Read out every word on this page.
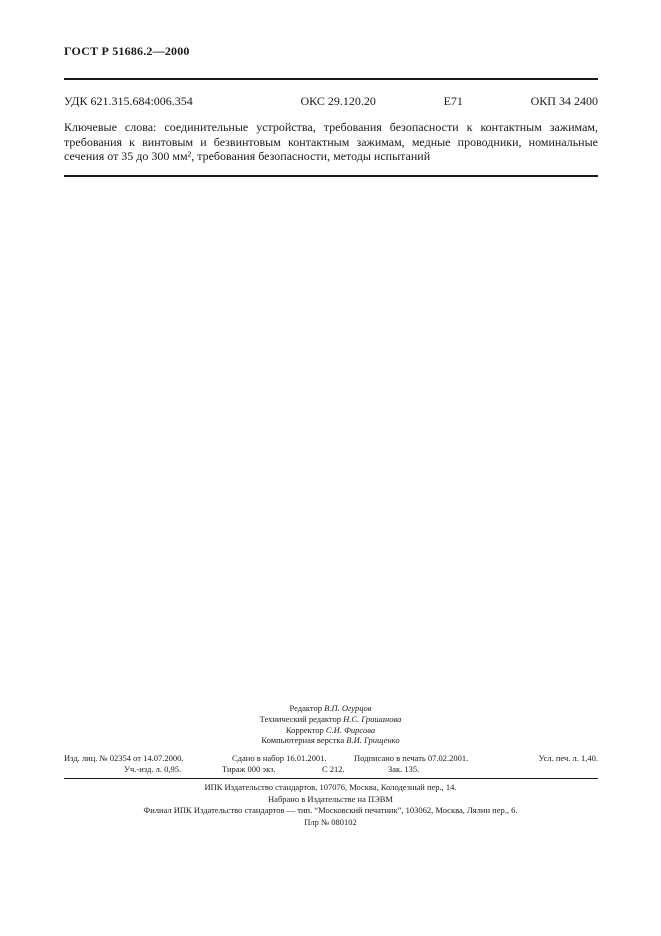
ГОСТ Р 51686.2—2000
УДК 621.315.684:006.354	ОКС 29.120.20	Е71	ОКП 34 2400
Ключевые слова: соединительные устройства, требования безопасности к контактным зажимам,
требования к винтовым и безвинтовым контактным зажимам, медные проводники, номинальные
сечения от 35 до 300 мм², требования безопасности, методы испытаний
Редактор В.П. Огурцов
Технический редактор Н.С. Гришанова
Корректор С.И. Фирсова
Компьютерная верстка В.И. Грищенко
Изд. лиц. № 02354 от 14.07.2000.	Сдано в набор 16.01.2001.	Подписано в печать 07.02.2001.	Усл. печ. л. 1,40.
Уч.-изд. л. 0,95.	Тираж 000 экз.	С 212.	Зак. 135.
ИПК Издательство стандартов, 107076, Москва, Колодезный пер., 14.
Набрано в Издательстве на ПЭВМ
Филиал ИПК Издательство стандартов — тип. “Московский печатник”, 103062, Москва, Лялин пер., 6.
Плр № 080102
